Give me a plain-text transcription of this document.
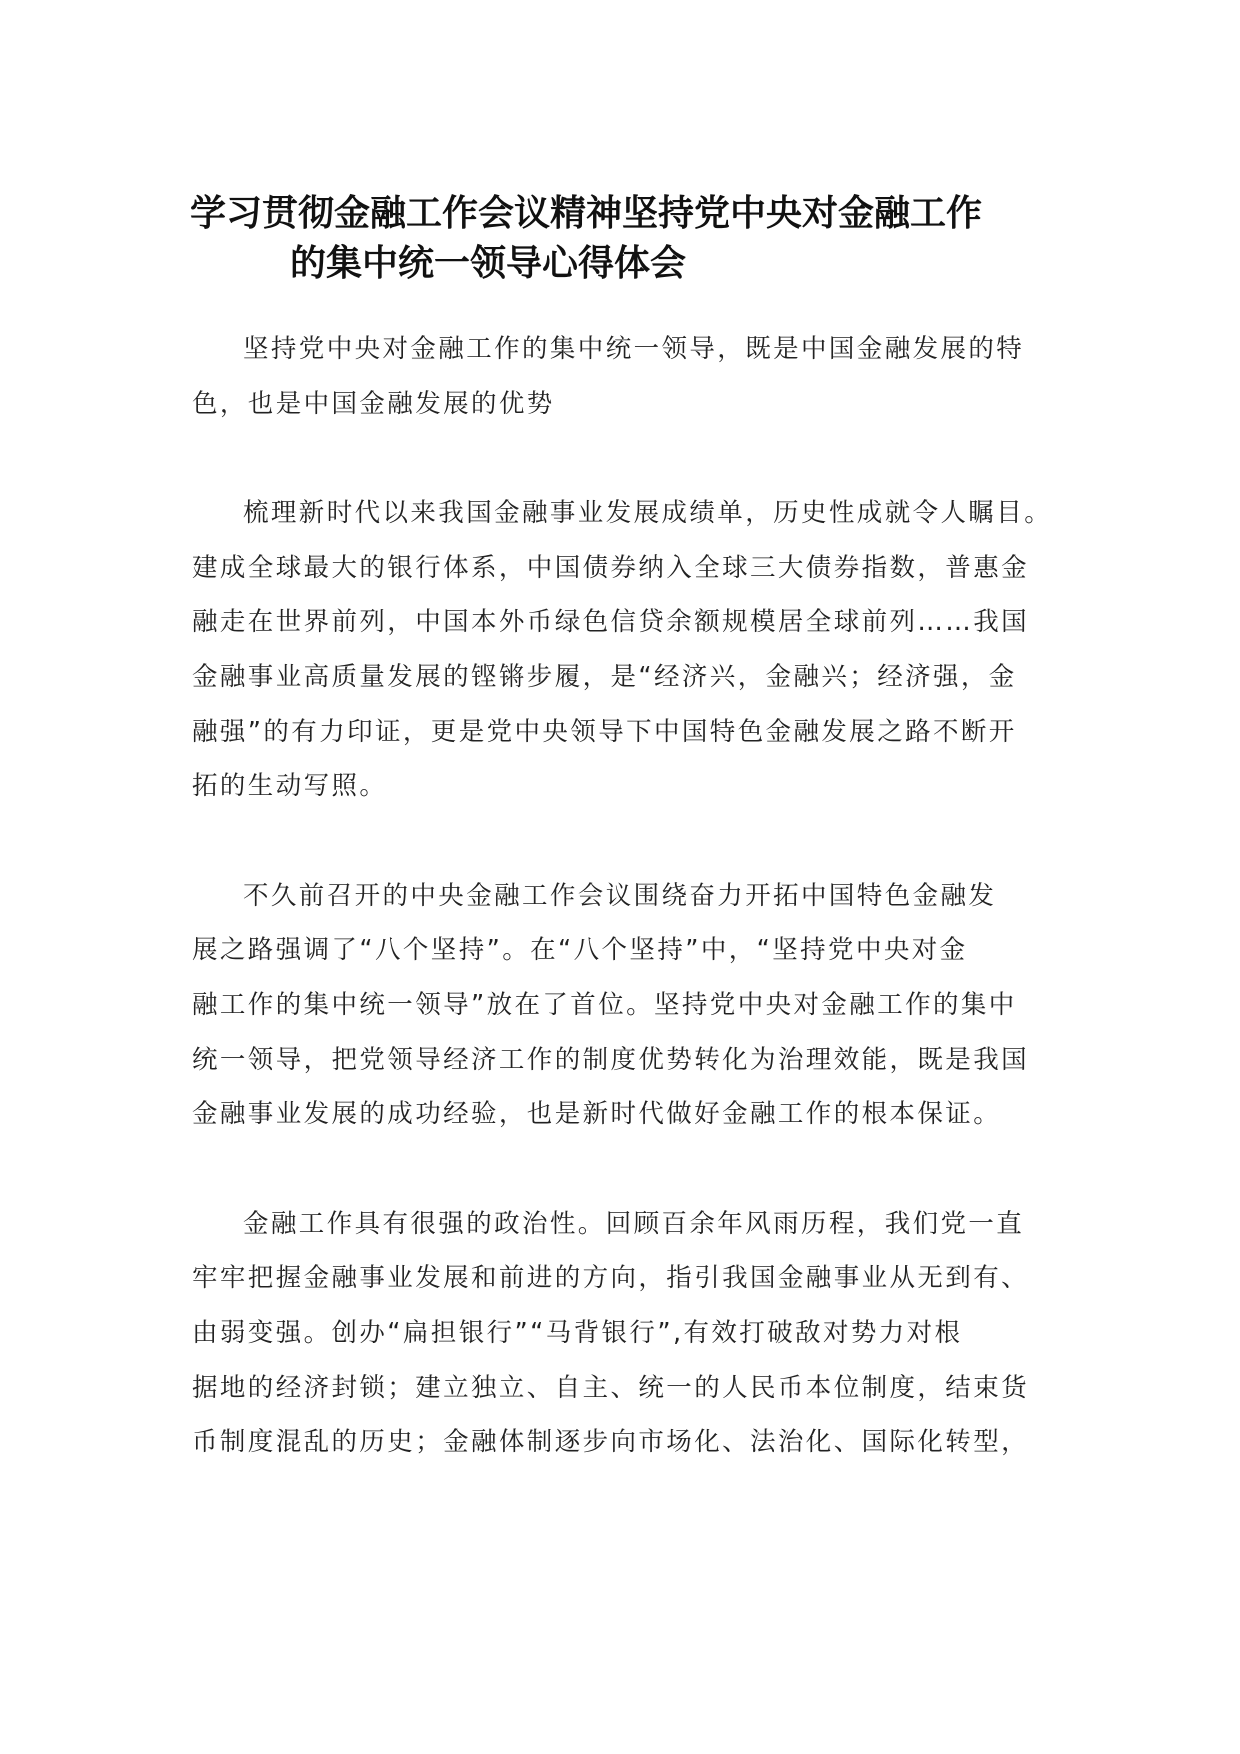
学习贯彻金融工作会议精神坚持党中央对金融工作
的集中统一领导心得体会
坚持党中央对金融工作的集中统一领导，既是中国金融发展的特
色，也是中国金融发展的优势
梳理新时代以来我国金融事业发展成绩单，历史性成就令人瞩目。
建成全球最大的银行体系，中国债券纳入全球三大债券指数，普惠金
融走在世界前列，中国本外币绿色信贷余额规模居全球前列……我国
金融事业高质量发展的铿锵步履，是“经济兴，金融兴；经济强，金
融强”的有力印证，更是党中央领导下中国特色金融发展之路不断开
拓的生动写照。
不久前召开的中央金融工作会议围绕奋力开拓中国特色金融发
展之路强调了“八个坚持”。在“八个坚持”中，“坚持党中央对金
融工作的集中统一领导”放在了首位。坚持党中央对金融工作的集中
统一领导，把党领导经济工作的制度优势转化为治理效能，既是我国
金融事业发展的成功经验，也是新时代做好金融工作的根本保证。
金融工作具有很强的政治性。回顾百余年风雨历程，我们党一直
牢牢把握金融事业发展和前进的方向，指引我国金融事业从无到有、
由弱变强。创办“扁担银行”“马背银行”,有效打破敌对势力对根
据地的经济封锁；建立独立、自主、统一的人民币本位制度，结束货
币制度混乱的历史；金融体制逐步向市场化、法治化、国际化转型，
